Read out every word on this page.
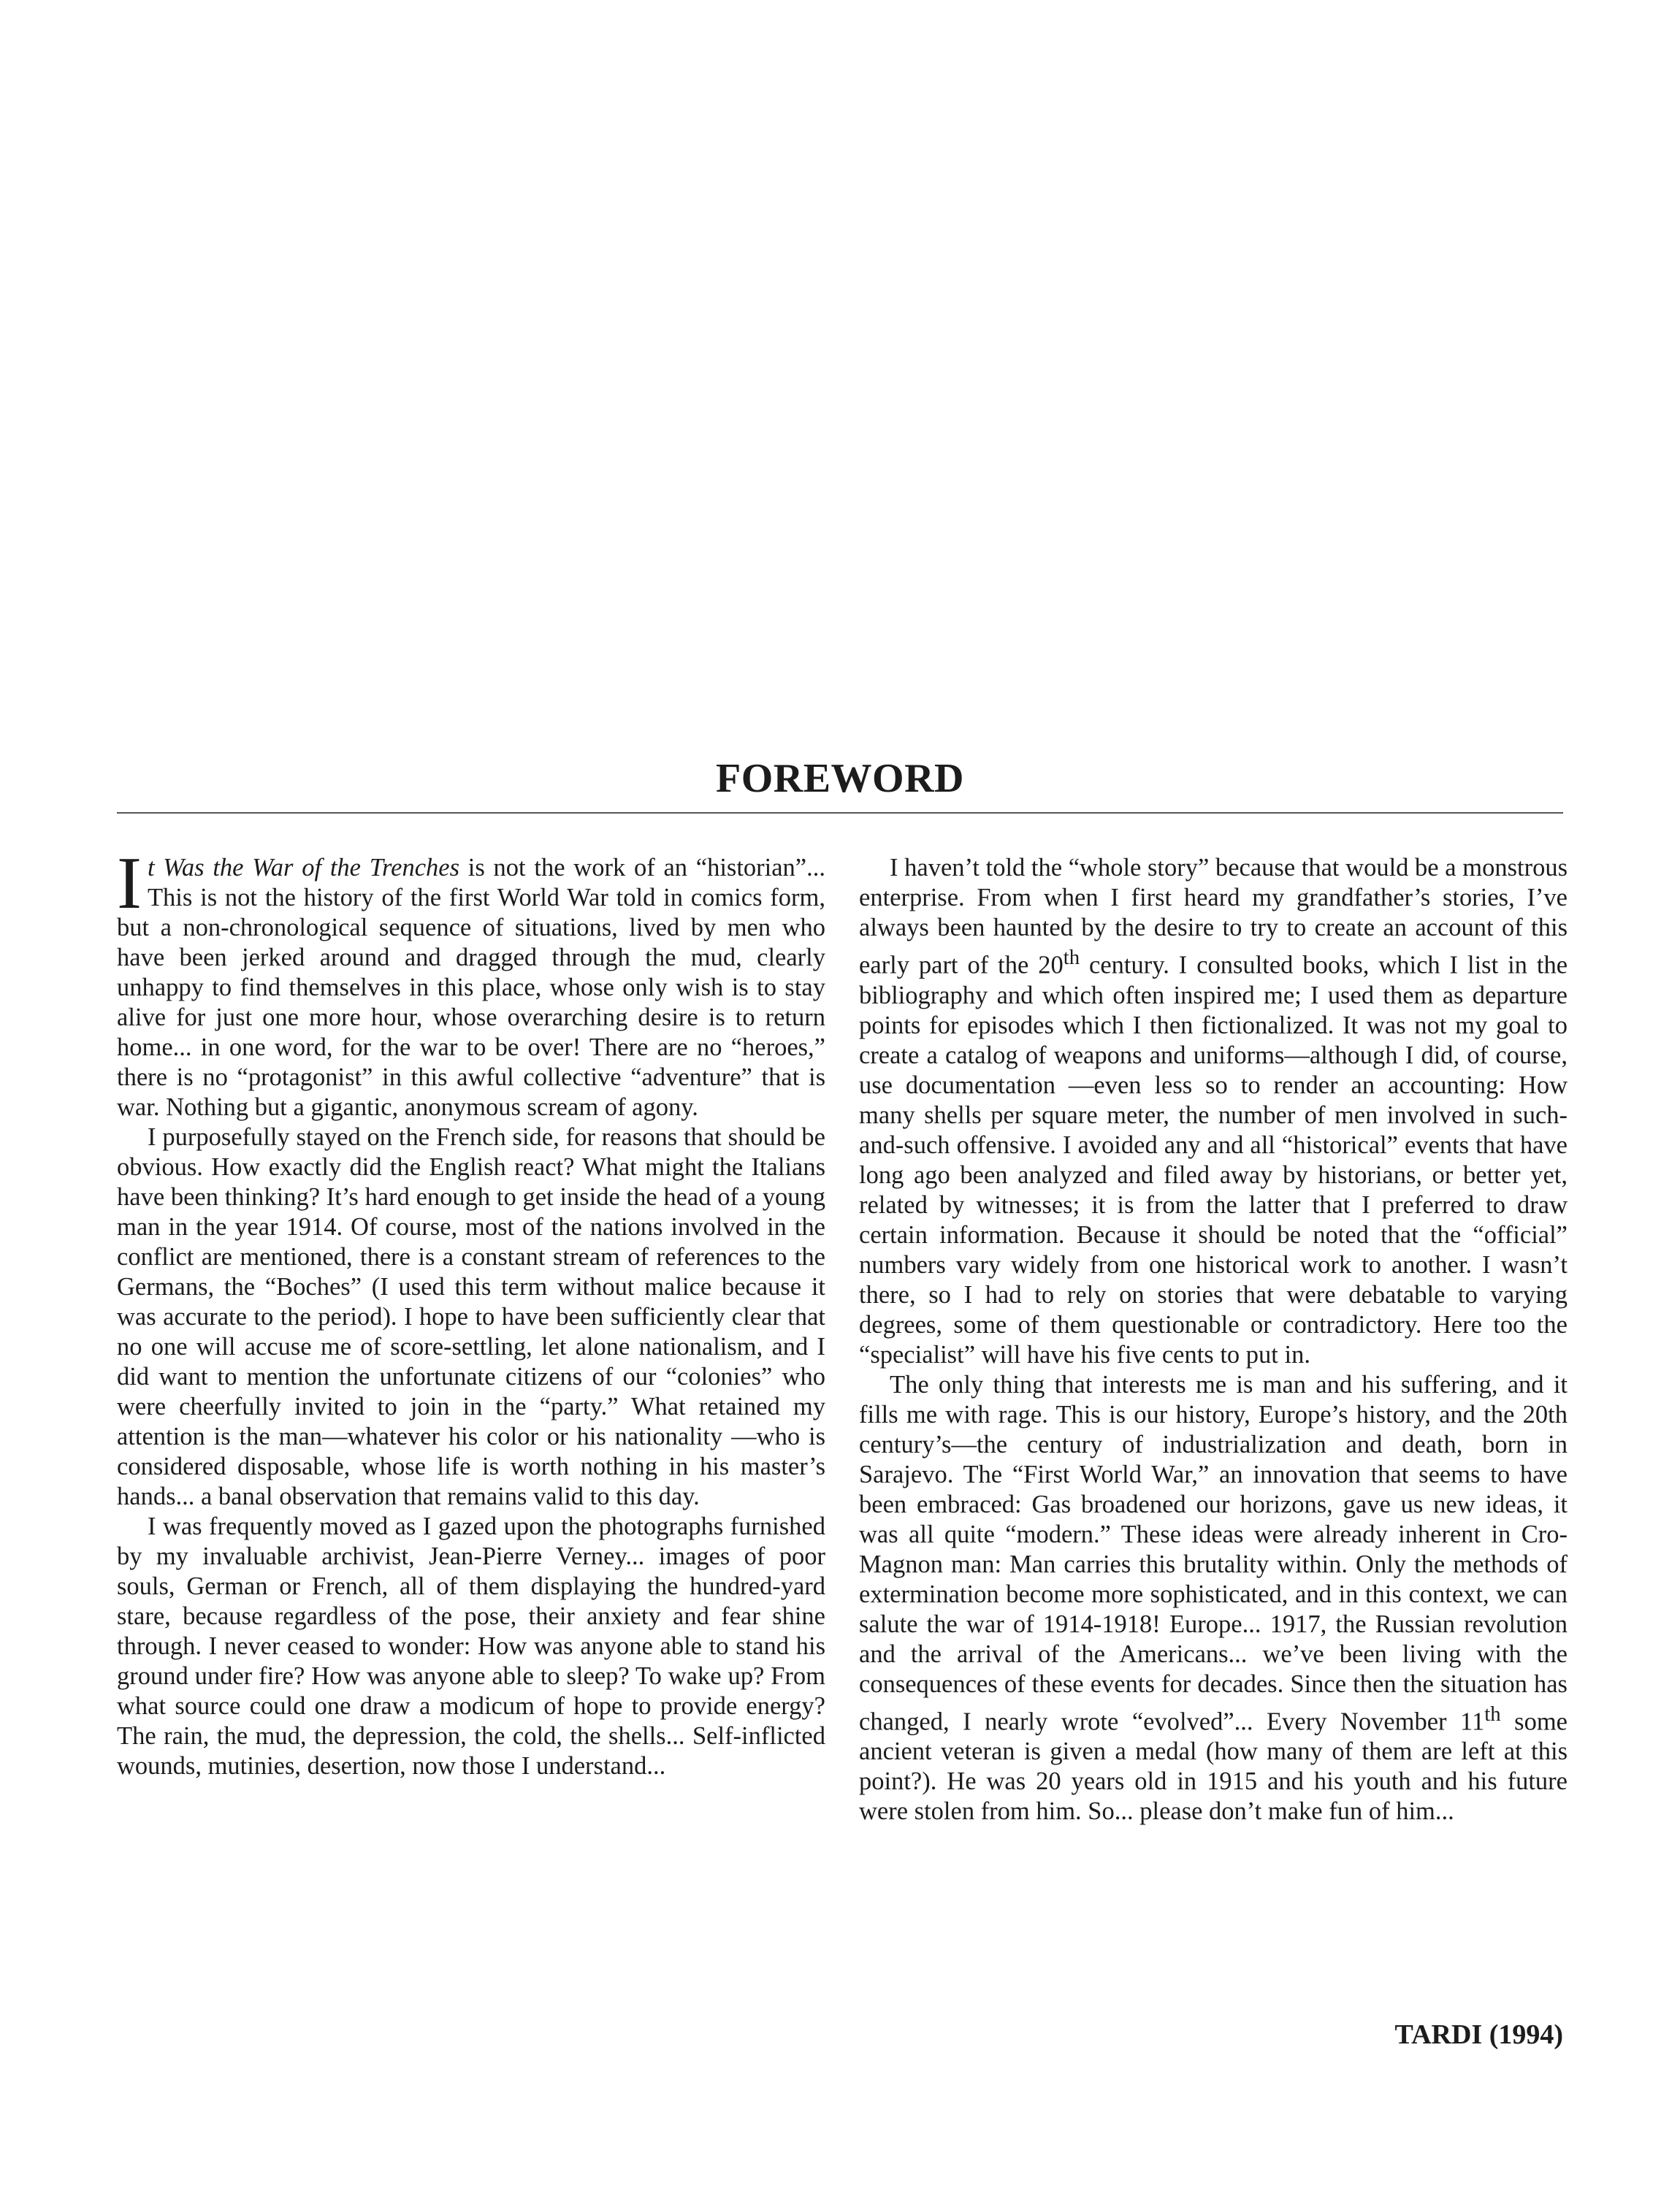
FOREWORD

It Was the War of the Trenches is not the work of an “historian”... This is not the history of the first World War told in comics form, but a non-chronological sequence of situations, lived by men who have been jerked around and dragged through the mud, clearly unhappy to find themselves in this place, whose only wish is to stay alive for just one more hour, whose overarching desire is to return home... in one word, for the war to be over! There are no “heroes,” there is no “protagonist” in this awful collective “adventure” that is war. Nothing but a gigantic, anonymous scream of agony.

I purposefully stayed on the French side, for reasons that should be obvious. How exactly did the English react? What might the Italians have been thinking? It’s hard enough to get inside the head of a young man in the year 1914. Of course, most of the nations involved in the conflict are mentioned, there is a constant stream of references to the Germans, the “Boches” (I used this term without malice because it was accurate to the period). I hope to have been sufficiently clear that no one will accuse me of score-settling, let alone nationalism, and I did want to mention the unfortunate citizens of our “colonies” who were cheerfully invited to join in the “party.” What retained my attention is the man—whatever his color or his nationality —who is considered disposable, whose life is worth nothing in his master’s hands... a banal observation that remains valid to this day.

I was frequently moved as I gazed upon the photographs furnished by my invaluable archivist, Jean-Pierre Verney... images of poor souls, German or French, all of them displaying the hundred-yard stare, because regardless of the pose, their anxiety and fear shine through. I never ceased to wonder: How was anyone able to stand his ground under fire? How was anyone able to sleep? To wake up? From what source could one draw a modicum of hope to provide energy? The rain, the mud, the depression, the cold, the shells... Self-inflicted wounds, mutinies, desertion, now those I understand...

I haven’t told the “whole story” because that would be a monstrous enterprise. From when I first heard my grandfather’s stories, I’ve always been haunted by the desire to try to create an account of this early part of the 20th century. I consulted books, which I list in the bibliography and which often inspired me; I used them as departure points for episodes which I then fictionalized. It was not my goal to create a catalog of weapons and uniforms—although I did, of course, use documentation —even less so to render an accounting: How many shells per square meter, the number of men involved in such-and-such offensive. I avoided any and all “historical” events that have long ago been analyzed and filed away by historians, or better yet, related by witnesses; it is from the latter that I preferred to draw certain information. Because it should be noted that the “official” numbers vary widely from one historical work to another. I wasn’t there, so I had to rely on stories that were debatable to varying degrees, some of them questionable or contradictory. Here too the “specialist” will have his five cents to put in.

The only thing that interests me is man and his suffering, and it fills me with rage. This is our history, Europe’s history, and the 20th century’s—the century of industrialization and death, born in Sarajevo. The “First World War,” an innovation that seems to have been embraced: Gas broadened our horizons, gave us new ideas, it was all quite “modern.” These ideas were already inherent in Cro-Magnon man: Man carries this brutality within. Only the methods of extermination become more sophisticated, and in this context, we can salute the war of 1914-1918! Europe... 1917, the Russian revolution and the arrival of the Americans... we’ve been living with the consequences of these events for decades. Since then the situation has changed, I nearly wrote “evolved”... Every November 11th some ancient veteran is given a medal (how many of them are left at this point?). He was 20 years old in 1915 and his youth and his future were stolen from him. So... please don’t make fun of him...

TARDI (1994)
